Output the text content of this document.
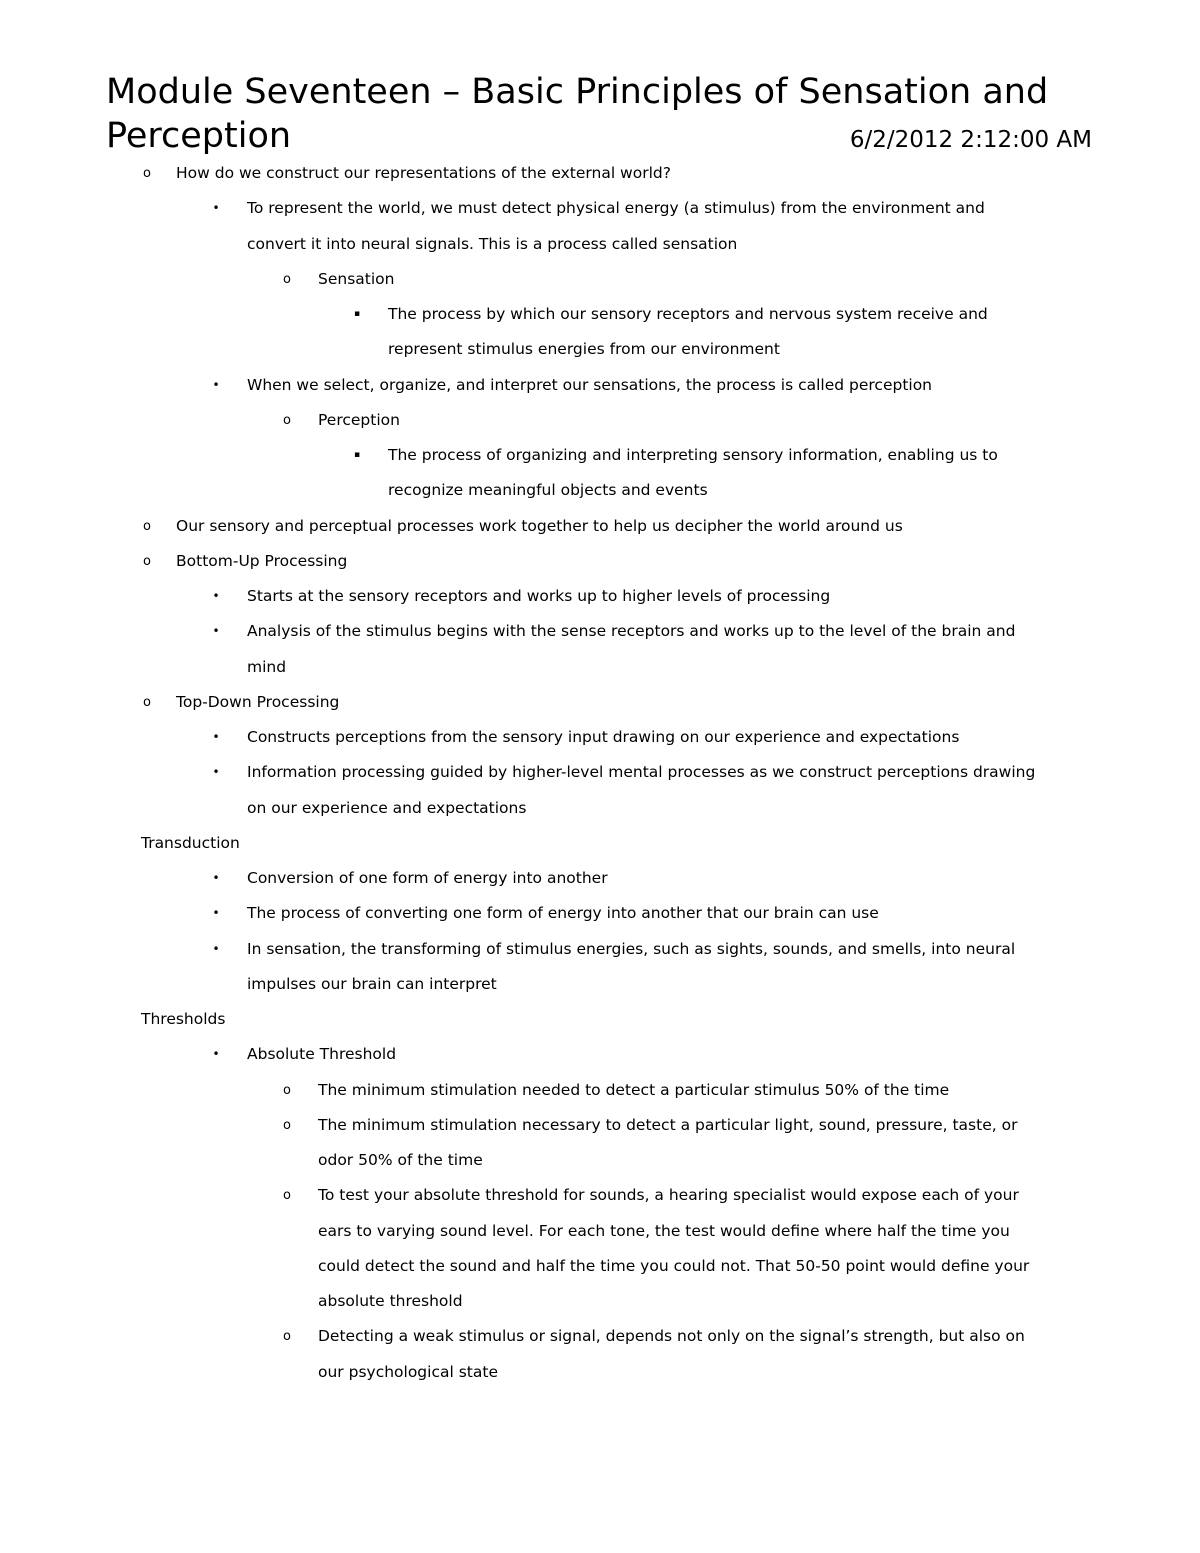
Module Seventeen – Basic Principles of Sensation and Perception	6/2/2012 2:12:00 AM
o How do we construct our representations of the external world?
• To represent the world, we must detect physical energy (a stimulus) from the environment and
convert it into neural signals. This is a process called sensation
o Sensation
▪ The process by which our sensory receptors and nervous system receive and
represent stimulus energies from our environment
• When we select, organize, and interpret our sensations, the process is called perception
o Perception
▪ The process of organizing and interpreting sensory information, enabling us to
recognize meaningful objects and events
o Our sensory and perceptual processes work together to help us decipher the world around us
o Bottom-Up Processing
• Starts at the sensory receptors and works up to higher levels of processing
• Analysis of the stimulus begins with the sense receptors and works up to the level of the brain and
mind
o Top-Down Processing
• Constructs perceptions from the sensory input drawing on our experience and expectations
• Information processing guided by higher-level mental processes as we construct perceptions drawing
on our experience and expectations
Transduction
• Conversion of one form of energy into another
• The process of converting one form of energy into another that our brain can use
• In sensation, the transforming of stimulus energies, such as sights, sounds, and smells, into neural
impulses our brain can interpret
Thresholds
• Absolute Threshold
o The minimum stimulation needed to detect a particular stimulus 50% of the time
o The minimum stimulation necessary to detect a particular light, sound, pressure, taste, or
odor 50% of the time
o To test your absolute threshold for sounds, a hearing specialist would expose each of your
ears to varying sound level. For each tone, the test would define where half the time you
could detect the sound and half the time you could not. That 50-50 point would define your
absolute threshold
o Detecting a weak stimulus or signal, depends not only on the signal’s strength, but also on
our psychological state
